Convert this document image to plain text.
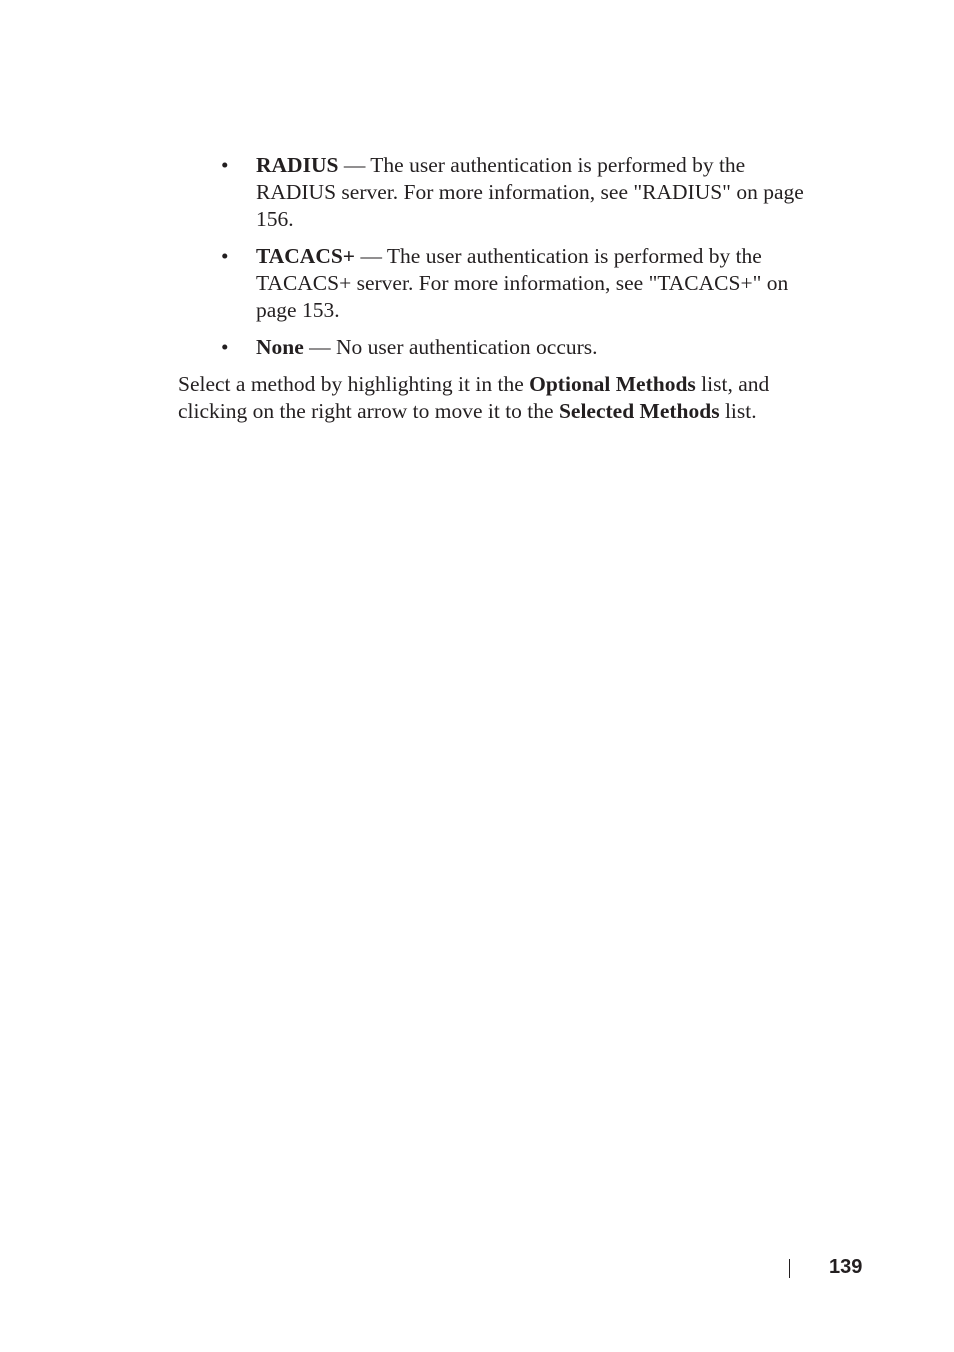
• RADIUS — The user authentication is performed by the RADIUS server. For more information, see "RADIUS" on page 156.
• TACACS+ — The user authentication is performed by the TACACS+ server. For more information, see "TACACS+" on page 153.
• None — No user authentication occurs.

Select a method by highlighting it in the Optional Methods list, and clicking on the right arrow to move it to the Selected Methods list.

139
